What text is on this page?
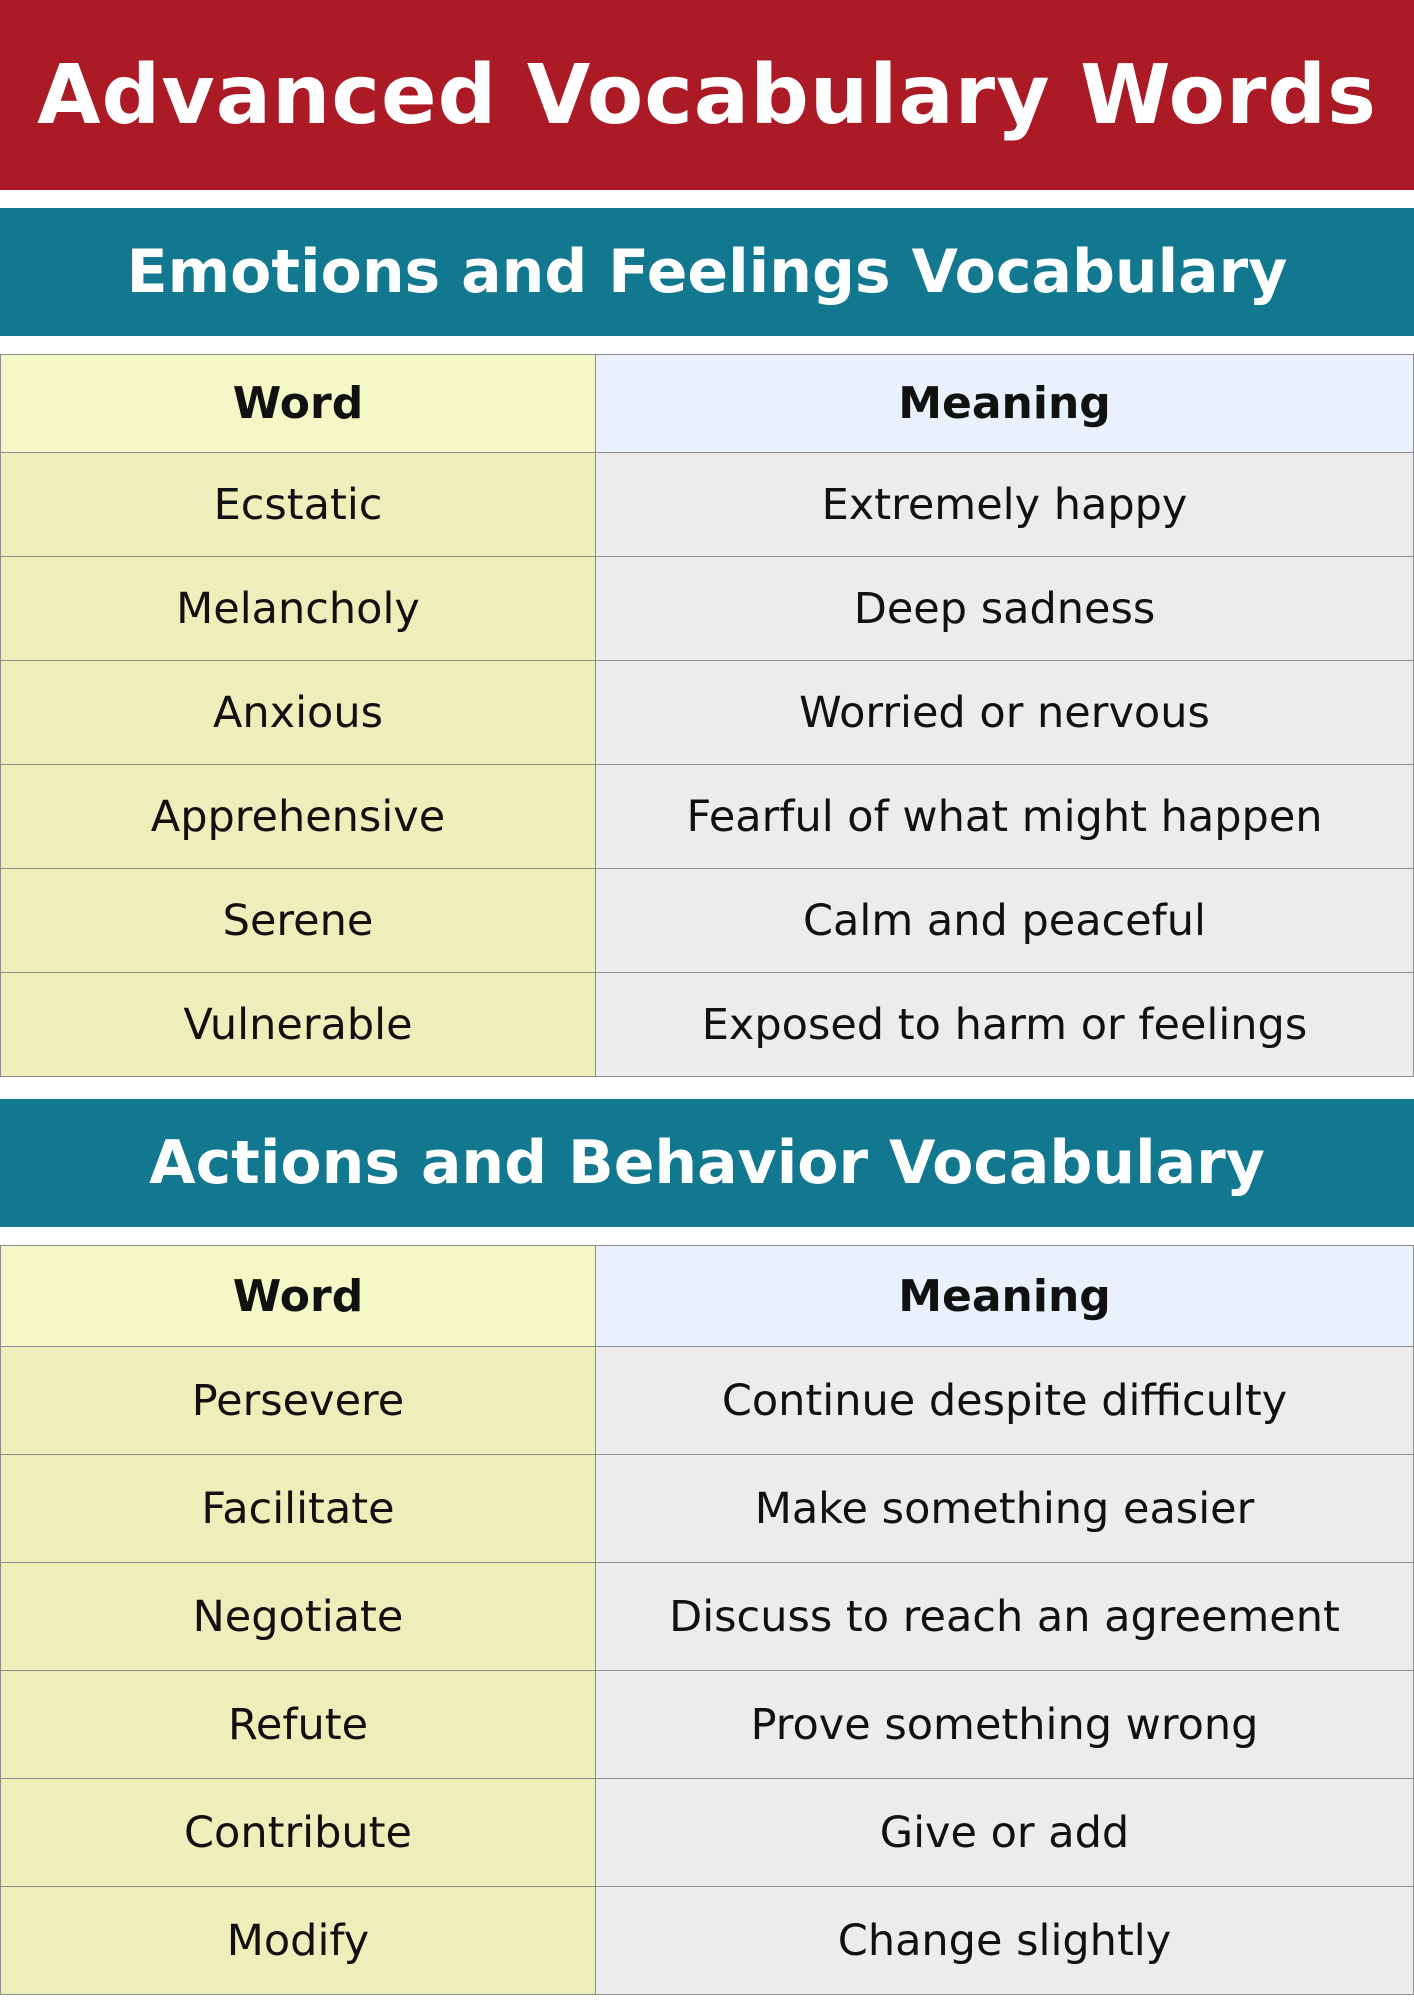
Advanced Vocabulary Words
Emotions and Feelings Vocabulary
Word	Meaning
Ecstatic	Extremely happy
Melancholy	Deep sadness
Anxious	Worried or nervous
Apprehensive	Fearful of what might happen
Serene	Calm and peaceful
Vulnerable	Exposed to harm or feelings
Actions and Behavior Vocabulary
Word	Meaning
Persevere	Continue despite difficulty
Facilitate	Make something easier
Negotiate	Discuss to reach an agreement
Refute	Prove something wrong
Contribute	Give or add
Modify	Change slightly
